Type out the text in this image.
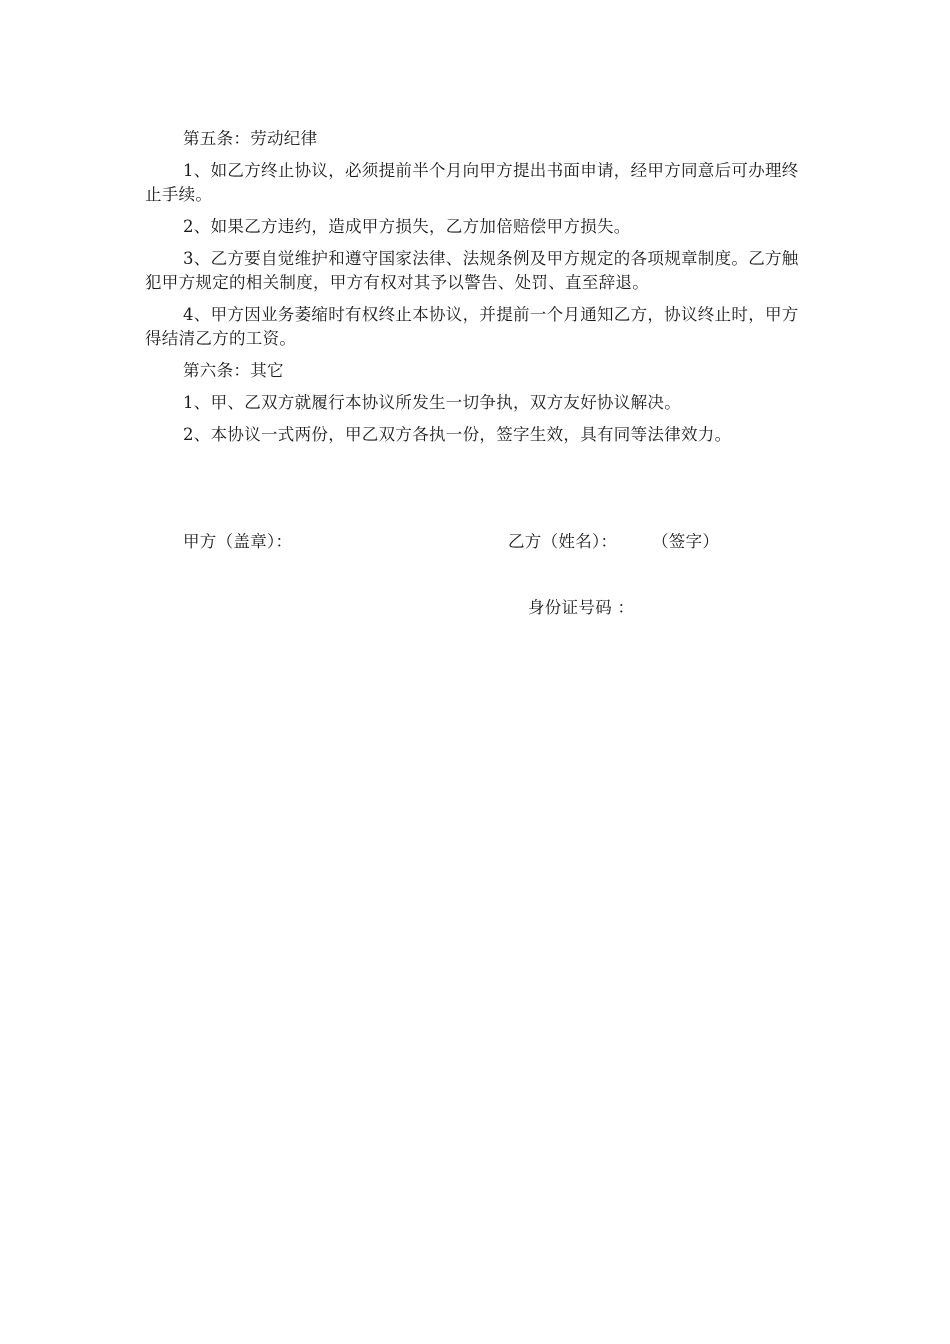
第五条：劳动纪律

1、如乙方终止协议，必须提前半个月向甲方提出书面申请，经甲方同意后可办理终止手续。

2、如果乙方违约，造成甲方损失，乙方加倍赔偿甲方损失。

3、乙方要自觉维护和遵守国家法律、法规条例及甲方规定的各项规章制度。乙方触犯甲方规定的相关制度，甲方有权对其予以警告、处罚、直至辞退。

4、甲方因业务萎缩时有权终止本协议，并提前一个月通知乙方，协议终止时，甲方得结清乙方的工资。

第六条：其它

1、甲、乙双方就履行本协议所发生一切争执，双方友好协议解决。

2、本协议一式两份，甲乙双方各执一份，签字生效，具有同等法律效力。

甲方（盖章）：	乙方（姓名）： （签字）
身份证号码 ：
